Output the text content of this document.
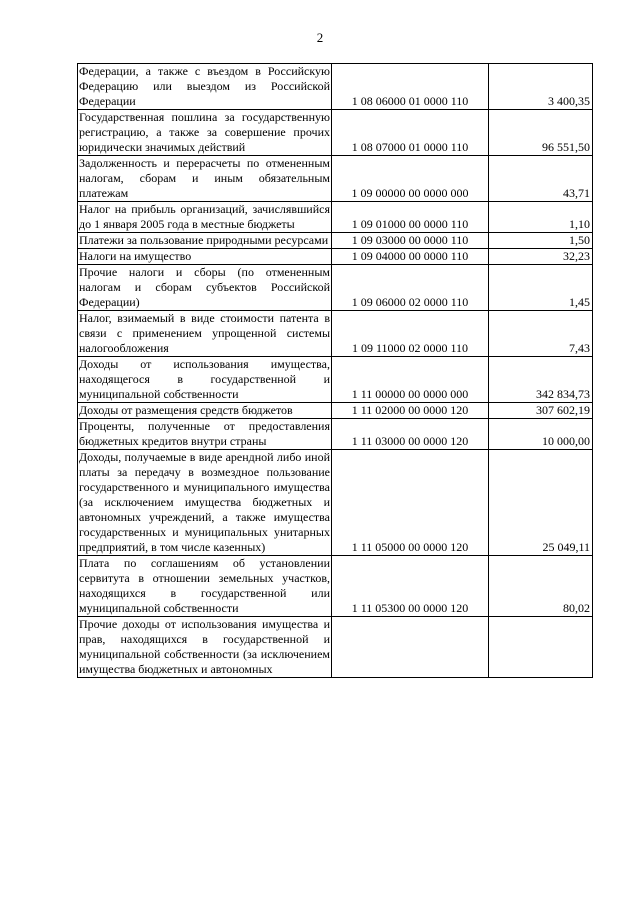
2
Федерации, а также с въездом в Российскую Федерацию или выездом из Российской Федерации	1 08 06000 01 0000 110	3 400,35
Государственная пошлина за государственную регистрацию, а также за совершение прочих юридически значимых действий	1 08 07000 01 0000 110	96 551,50
Задолженность и перерасчеты по отмененным налогам, сборам и иным обязательным платежам	1 09 00000 00 0000 000	43,71
Налог на прибыль организаций, зачислявшийся до 1 января 2005 года в местные бюджеты	1 09 01000 00 0000 110	1,10
Платежи за пользование природными ресурсами	1 09 03000 00 0000 110	1,50
Налоги на имущество	1 09 04000 00 0000 110	32,23
Прочие налоги и сборы (по отмененным налогам и сборам субъектов Российской Федерации)	1 09 06000 02 0000 110	1,45
Налог, взимаемый в виде стоимости патента в связи с применением упрощенной системы налогообложения	1 09 11000 02 0000 110	7,43
Доходы от использования имущества, находящегося в государственной и муниципальной собственности	1 11 00000 00 0000 000	342 834,73
Доходы от размещения средств бюджетов	1 11 02000 00 0000 120	307 602,19
Проценты, полученные от предоставления бюджетных кредитов внутри страны	1 11 03000 00 0000 120	10 000,00
Доходы, получаемые в виде арендной либо иной платы за передачу в возмездное пользование государственного и муниципального имущества (за исключением имущества бюджетных и автономных учреждений, а также имущества государственных и муниципальных унитарных предприятий, в том числе казенных)	1 11 05000 00 0000 120	25 049,11
Плата по соглашениям об установлении сервитута в отношении земельных участков, находящихся в государственной или муниципальной собственности	1 11 05300 00 0000 120	80,02
Прочие доходы от использования имущества и прав, находящихся в государственной и муниципальной собственности (за исключением имущества бюджетных и автономных		
